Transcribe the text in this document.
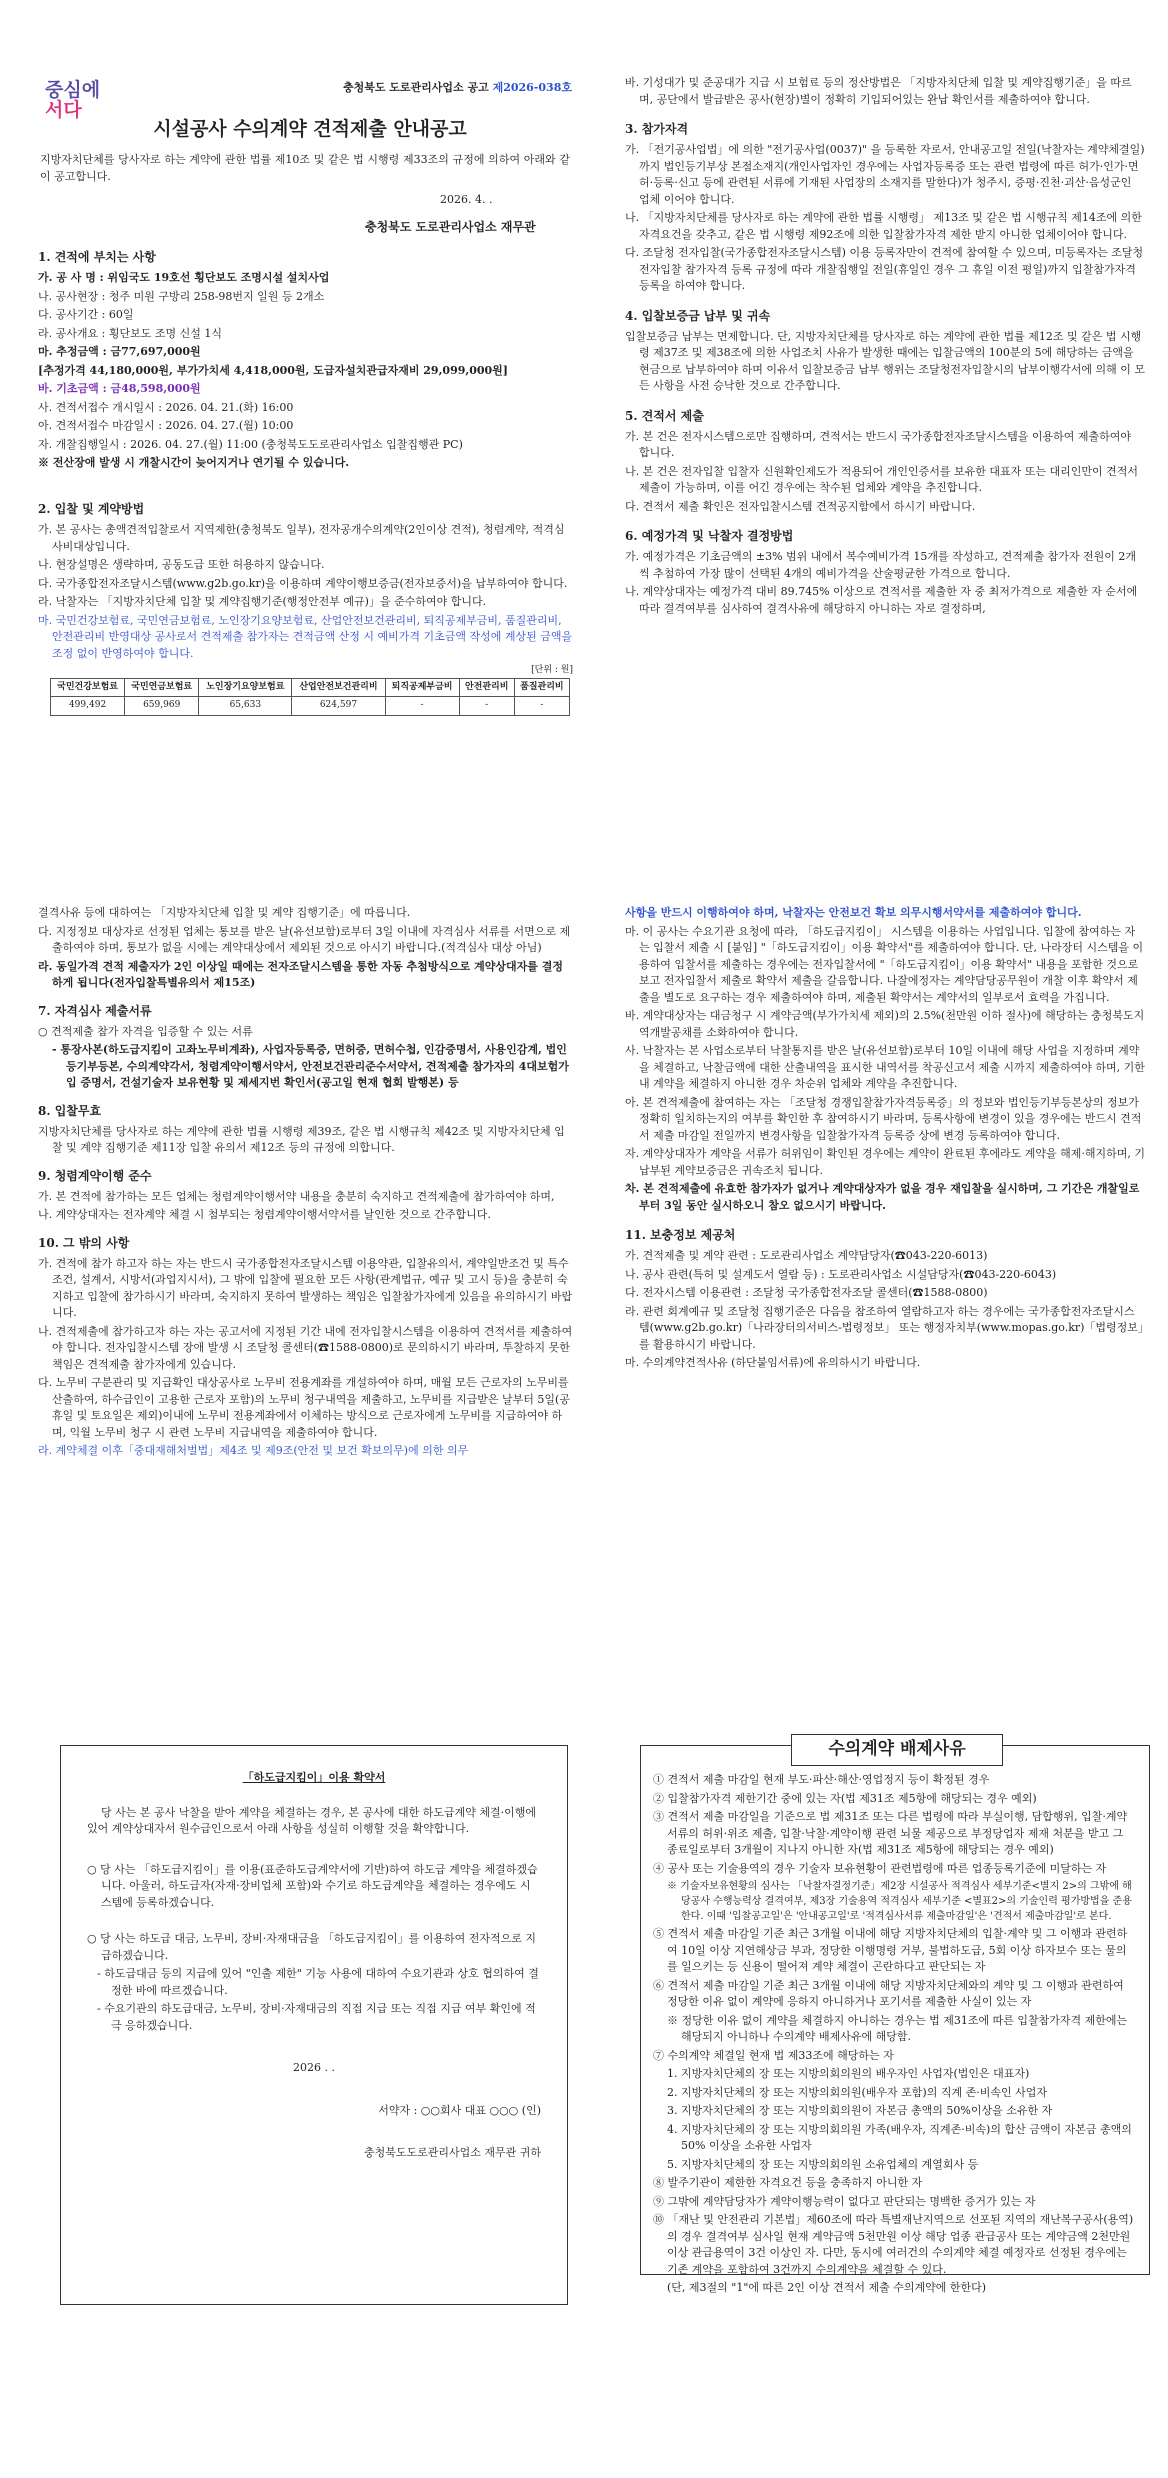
중심에
서다
충청북도 도로관리사업소 공고 제2026-038호
시설공사 수의계약 견적제출 안내공고
지방자치단체를 당사자로 하는 계약에 관한 법률 제10조 및 같은 법 시행령 제33조의 규정에 의하여 아래와 같이 공고합니다.
2026. 4. .
충청북도 도로관리사업소 재무관
1. 견적에 부치는 사항
가. 공 사 명 : 위임국도 19호선 횡단보도 조명시설 설치사업
나. 공사현장 : 청주 미원 구방리 258-98번지 일원 등 2개소
다. 공사기간 : 60일
라. 공사개요 : 횡단보도 조명 신설 1식
마. 추정금액 : 금77,697,000원
[추정가격 44,180,000원, 부가가치세 4,418,000원, 도급자설치관급자재비 29,099,000원]
바. 기초금액 : 금48,598,000원
사. 견적서접수 개시일시 : 2026. 04. 21.(화) 16:00
아. 견적서접수 마감일시 : 2026. 04. 27.(월) 10:00
자. 개찰집행일시 : 2026. 04. 27.(월) 11:00 (충청북도도로관리사업소 입찰집행관 PC)
※ 전산장애 발생 시 개찰시간이 늦어지거나 연기될 수 있습니다.
2. 입찰 및 계약방법
가. 본 공사는 총액견적입찰로서 지역제한(충청북도 일부), 전자공개수의계약(2인이상 견적), 청렴계약, 적격심사비대상입니다.
나. 현장설명은 생략하며, 공동도급 또한 허용하지 않습니다.
다. 국가종합전자조달시스템(www.g2b.go.kr)을 이용하며 계약이행보증금(전자보증서)을 납부하여야 합니다.
라. 낙찰자는 「지방자치단체 입찰 및 계약집행기준(행정안전부 예규)」을 준수하여야 합니다.
마. 국민건강보험료, 국민연금보험료, 노인장기요양보험료, 산업안전보건관리비, 퇴직공제부금비, 품질관리비, 안전관리비 반영대상 공사로서 견적제출 참가자는 견적금액 산정 시 예비가격 기초금액 작성에 계상된 금액을 조정 없이 반영하여야 합니다.
[단위 : 원]
국민건강보험료	국민연금보험료	노인장기요양보험료	산업안전보건관리비	퇴직공제부금비	안전관리비	품질관리비
499,492	659,969	65,633	624,597	-	-	-
바. 기성대가 및 준공대가 지급 시 보험료 등의 정산방법은 「지방자치단체 입찰 및 계약집행기준」을 따르며, 공단에서 발급받은 공사(현장)별이 정확히 기입되어있는 완납 확인서를 제출하여야 합니다.
3. 참가자격
가. 「전기공사업법」에 의한 "전기공사업(0037)" 을 등록한 자로서, 안내공고일 전일(낙찰자는 계약체결일)까지 법인등기부상 본점소재지(개인사업자인 경우에는 사업자등록증 또는 관련 법령에 따른 허가·인가·면허·등록·신고 등에 관련된 서류에 기재된 사업장의 소재지를 말한다)가 청주시, 증평·진천·괴산·음성군인 업체 이어야 합니다.
나. 「지방자치단체를 당사자로 하는 계약에 관한 법률 시행령」 제13조 및 같은 법 시행규칙 제14조에 의한 자격요건을 갖추고, 같은 법 시행령 제92조에 의한 입찰참가자격 제한 받지 아니한 업체이어야 합니다.
다. 조달청 전자입찰(국가종합전자조달시스템) 이용 등록자만이 견적에 참여할 수 있으며, 미등록자는 조달청 전자입찰 참가자격 등록 규정에 따라 개찰집행일 전일(휴일인 경우 그 휴일 이전 평일)까지 입찰참가자격 등록을 하여야 합니다.
4. 입찰보증금 납부 및 귀속
입찰보증금 납부는 면제합니다. 단, 지방자치단체를 당사자로 하는 계약에 관한 법률 제12조 및 같은 법 시행령 제37조 및 제38조에 의한 사업조치 사유가 발생한 때에는 입찰금액의 100분의 5에 해당하는 금액을 현금으로 납부하여야 하며 이유서 입찰보증금 납부 행위는 조달청전자입찰시의 납부이행각서에 의해 이 모든 사항을 사전 승낙한 것으로 간주합니다.
5. 견적서 제출
가. 본 건은 전자시스템으로만 집행하며, 견적서는 반드시 국가종합전자조달시스템을 이용하여 제출하여야 합니다.
나. 본 건은 전자입찰 입찰자 신원확인제도가 적용되어 개인인증서를 보유한 대표자 또는 대리인만이 견적서 제출이 가능하며, 이를 어긴 경우에는 착수된 업체와 계약을 추진합니다.
다. 견적서 제출 확인은 전자입찰시스템 견적공지함에서 하시기 바랍니다.
6. 예정가격 및 낙찰자 결정방법
가. 예정가격은 기초금액의 ±3% 범위 내에서 복수예비가격 15개를 작성하고, 견적제출 참가자 전원이 2개씩 추첨하여 가장 많이 선택된 4개의 예비가격을 산술평균한 가격으로 합니다.
나. 계약상대자는 예정가격 대비 89.745% 이상으로 견적서를 제출한 자 중 최저가격으로 제출한 자 순서에 따라 결격여부를 심사하여 결격사유에 해당하지 아니하는 자로 결정하며,
결격사유 등에 대하여는 「지방자치단체 입찰 및 계약 집행기준」에 따릅니다.
다. 지정정보 대상자로 선정된 업체는 통보를 받은 날(유선보함)로부터 3일 이내에 자격심사 서류를 서면으로 제출하여야 하며, 통보가 없을 시에는 계약대상에서 제외된 것으로 아시기 바랍니다.(적격심사 대상 아님)
라. 동일가격 견적 제출자가 2인 이상일 때에는 전자조달시스템을 통한 자동 추첨방식으로 계약상대자를 결정하게 됩니다(전자입찰특별유의서 제15조)
7. 자격심사 제출서류
○ 견적제출 참가 자격을 입증할 수 있는 서류
- 통장사본(하도급지킴이 고좌노무비계좌), 사업자등록증, 면허증, 면허수첩, 인감증명서, 사용인감계, 법인등기부등본, 수의계약각서, 청렴계약이행서약서, 안전보건관리준수서약서, 견적제출 참가자의 4대보험가입 증명서, 건설기술자 보유현황 및 제세지번 확인서(공고일 현재 협회 발행본) 등
8. 입찰무효
지방자치단체를 당사자로 하는 계약에 관한 법률 시행령 제39조, 같은 법 시행규칙 제42조 및 지방자치단체 입찰 및 계약 집행기준 제11장 입찰 유의서 제12조 등의 규정에 의합니다.
9. 청렴계약이행 준수
가. 본 견적에 참가하는 모든 업체는 청렴계약이행서약 내용을 충분히 숙지하고 견적제출에 참가하여야 하며,
나. 계약상대자는 전자계약 체결 시 첨부되는 청렴계약이행서약서를 날인한 것으로 간주합니다.
10. 그 밖의 사항
가. 견적에 참가 하고자 하는 자는 반드시 국가종합전자조달시스템 이용약관, 입찰유의서, 계약일반조건 및 특수조건, 설계서, 시방서(과업지시서), 그 밖에 입찰에 필요한 모든 사항(관계법규, 예규 및 고시 등)을 충분히 숙지하고 입찰에 참가하시기 바라며, 숙지하지 못하여 발생하는 책임은 입찰참가자에게 있음을 유의하시기 바랍니다.
나. 견적제출에 참가하고자 하는 자는 공고서에 지정된 기간 내에 전자입찰시스템을 이용하여 견적서를 제출하여야 합니다. 전자입찰시스템 장애 발생 시 조달청 콜센터(☎1588-0800)로 문의하시기 바라며, 투찰하지 못한 책임은 견적제출 참가자에게 있습니다.
다. 노무비 구분관리 및 지급확인 대상공사로 노무비 전용계좌를 개설하여야 하며, 매월 모든 근로자의 노무비를 산출하여, 하수급인이 고용한 근로자 포함)의 노무비 청구내역을 제출하고, 노무비를 지급받은 날부터 5일(공휴일 및 토요일은 제외)이내에 노무비 전용계좌에서 이체하는 방식으로 근로자에게 노무비를 지급하여야 하며, 익월 노무비 청구 시 관련 노무비 지급내역을 제출하여야 합니다.
라. 계약체결 이후「중대재해처벌법」제4조 및 제9조(안전 및 보건 확보의무)에 의한 의무
사항을 반드시 이행하여야 하며, 낙찰자는 안전보건 확보 의무시행서약서를 제출하여야 합니다.
마. 이 공사는 수요기관 요청에 따라, 「하도급지킴이」 시스템을 이용하는 사업입니다. 입찰에 참여하는 자는 입찰서 제출 시 [붙임] "「하도급지킴이」이용 확약서"를 제출하여야 합니다. 단, 나라장터 시스템을 이용하여 입찰서를 제출하는 경우에는 전자입찰서에 "「하도급지킴이」이용 확약서" 내용을 포함한 것으로 보고 전자입찰서 제출로 확약서 제출을 갈음합니다. 나잘에정자는 계약담당공무원이 개찰 이후 확약서 제출을 별도로 요구하는 경우 제출하여야 하며, 제출된 확약서는 계약서의 일부로서 효력을 가집니다.
바. 계약대상자는 대금청구 시 계약금액(부가가치세 제외)의 2.5%(천만원 이하 절사)에 해당하는 충청북도지역개발공채를 소화하여야 합니다.
사. 낙찰자는 본 사업소로부터 낙찰통지를 받은 날(유선보함)로부터 10일 이내에 해당 사업을 지정하며 계약을 체결하고, 낙찰금액에 대한 산출내역을 표시한 내역서를 착공신고서 제출 시까지 제출하여야 하며, 기한 내 계약을 체결하지 아니한 경우 차순위 업체와 계약을 추진합니다.
아. 본 견적제출에 참여하는 자는 「조달청 경쟁입찰참가자격등록증」의 정보와 법인등기부등본상의 정보가 정확히 일치하는지의 여부를 확인한 후 참여하시기 바라며, 등록사항에 변경이 있을 경우에는 반드시 견적서 제출 마감일 전일까지 변경사항을 입찰참가자격 등록증 상에 변경 등록하여야 합니다.
자. 계약상대자가 계약을 서류가 허위임이 확인된 경우에는 계약이 완료된 후에라도 계약을 해제·해지하며, 기 납부된 계약보증금은 귀속조치 됩니다.
차. 본 견적제출에 유효한 참가자가 없거나 계약대상자가 없을 경우 재입찰을 실시하며, 그 기간은 개찰일로부터 3일 동안 실시하오니 참오 없으시기 바랍니다.
11. 보충정보 제공처
가. 견적제출 및 계약 관련 : 도로관리사업소 계약담당자(☎043-220-6013)
나. 공사 관련(특허 및 설계도서 열람 등) : 도로관리사업소 시설담당자(☎043-220-6043)
다. 전자시스템 이용관련 : 조달청 국가종합전자조달 콜센터(☎1588-0800)
라. 관련 회계예규 및 조달청 집행기준은 다음을 참조하여 열람하고자 하는 경우에는 국가종합전자조달시스템(www.g2b.go.kr)「나라장터의서비스-법령정보」 또는 행정자치부(www.mopas.go.kr)「법령정보」를 활용하시기 바랍니다.
마. 수의계약견적사유 (하단붙임서류)에 유의하시기 바랍니다.
「하도급지킴이」이용 확약서
당 사는 본 공사 낙찰을 받아 계약을 체결하는 경우, 본 공사에 대한 하도급계약 체결·이행에 있어 계약상대자서 원수급인으로서 아래 사항을 성실히 이행할 것을 확약합니다.
○ 당 사는 「하도급지킴이」를 이용(표준하도급계약서에 기반)하여 하도급 계약을 체결하겠습니다. 아울러, 하도급자(자재·장비업체 포함)와 수기로 하도급계약을 체결하는 경우에도 시스템에 등록하겠습니다.
○ 당 사는 하도급 대금, 노무비, 장비·자재대금을 「하도급지킴이」를 이용하여 전자적으로 지급하겠습니다.
- 하도급대금 등의 지급에 있어 "인출 제한" 기능 사용에 대하여 수요기관과 상호 협의하여 결정한 바에 따르겠습니다.
- 수요기관의 하도급대금, 노무비, 장비·자재대금의 직접 지급 또는 직접 지급 여부 확인에 적극 응하겠습니다.
2026 . .
서약자 : ○○회사 대표 ○○○ (인)
충청북도도로관리사업소 재무관 귀하
수의계약 배제사유
① 견적서 제출 마감일 현재 부도·파산·해산·영업정지 등이 확정된 경우
② 입찰참가자격 제한기간 중에 있는 자(법 제31조 제5항에 해당되는 경우 예외)
③ 견적서 제출 마감일을 기준으로 법 제31조 또는 다른 법령에 따라 부실이행, 담합행위, 입찰·계약 서류의 허위·위조 제출, 입찰·낙찰·계약이행 관련 뇌물 제공으로 부정당업자 제재 처분을 받고 그 종료일로부터 3개월이 지나지 아니한 자(법 제31조 제5항에 해당되는 경우 예외)
④ 공사 또는 기술용역의 경우 기술자 보유현황이 관련법령에 따른 업종등록기준에 미달하는 자
※ 기술자보유현황의 심사는 「낙찰자결정기준」제2장 시설공사 적격심사 세부기준<별지 2>의 그밖에 해당공사 수행능력상 결격여부, 제3장 기술용역 적격심사 세부기준 <별표2>의 기술인력 평가방법을 준용한다. 이때 '입찰공고일'은 '안내공고일'로 '적격심사서류 제출마감일'은 '견적서 제출마감일'로 본다.
⑤ 견적서 제출 마감일 기준 최근 3개월 이내에 해당 지방자치단체의 입찰·계약 및 그 이행과 관련하여 10일 이상 지연해상금 부과, 정당한 이행명령 거부, 불법하도급, 5회 이상 하자보수 또는 물의를 일으키는 등 신용이 떨어져 계약 체결이 곤란하다고 판단되는 자
⑥ 견적서 제출 마감일 기준 최근 3개월 이내에 해당 지방자치단체와의 계약 및 그 이행과 관련하여 정당한 이유 없이 계약에 응하지 아니하거나 포기서를 제출한 사실이 있는 자
※ 정당한 이유 없이 계약을 체결하지 아니하는 경우는 법 제31조에 따른 입찰참가자격 제한에는 해당되지 아니하나 수의계약 배제사유에 해당함.
⑦ 수의계약 체결일 현재 법 제33조에 해당하는 자
1. 지방자치단체의 장 또는 지방의회의원의 배우자인 사업자(법인은 대표자)
2. 지방자치단체의 장 또는 지방의회의원(배우자 포함)의 직계 존·비속인 사업자
3. 지방자치단체의 장 또는 지방의회의원이 자본금 총액의 50%이상을 소유한 자
4. 지방자치단체의 장 또는 지방의회의원 가족(배우자, 직계존·비속)의 합산 금액이 자본금 총액의 50% 이상을 소유한 사업자
5. 지방자치단체의 장 또는 지방의회의원 소유업체의 계열회사 등
⑧ 발주기관이 제한한 자격요건 등을 충족하지 아니한 자
⑨ 그밖에 계약담당자가 계약이행능력이 없다고 판단되는 명백한 증거가 있는 자
⑩ 「재난 및 안전관리 기본법」제60조에 따라 특별재난지역으로 선포된 지역의 재난복구공사(용역)의 경우 결격여부 심사일 현재 계약금액 5천만원 이상 해당 업종 관급공사 또는 계약금액 2천만원 이상 관급용역이 3건 이상인 자. 다만, 동시에 여러건의 수의계약 체결 예정자로 선정된 경우에는 기존 계약을 포함하여 3건까지 수의계약을 체결할 수 있다.
(단, 제3절의 "1"에 따른 2인 이상 견적서 제출 수의계약에 한한다)
